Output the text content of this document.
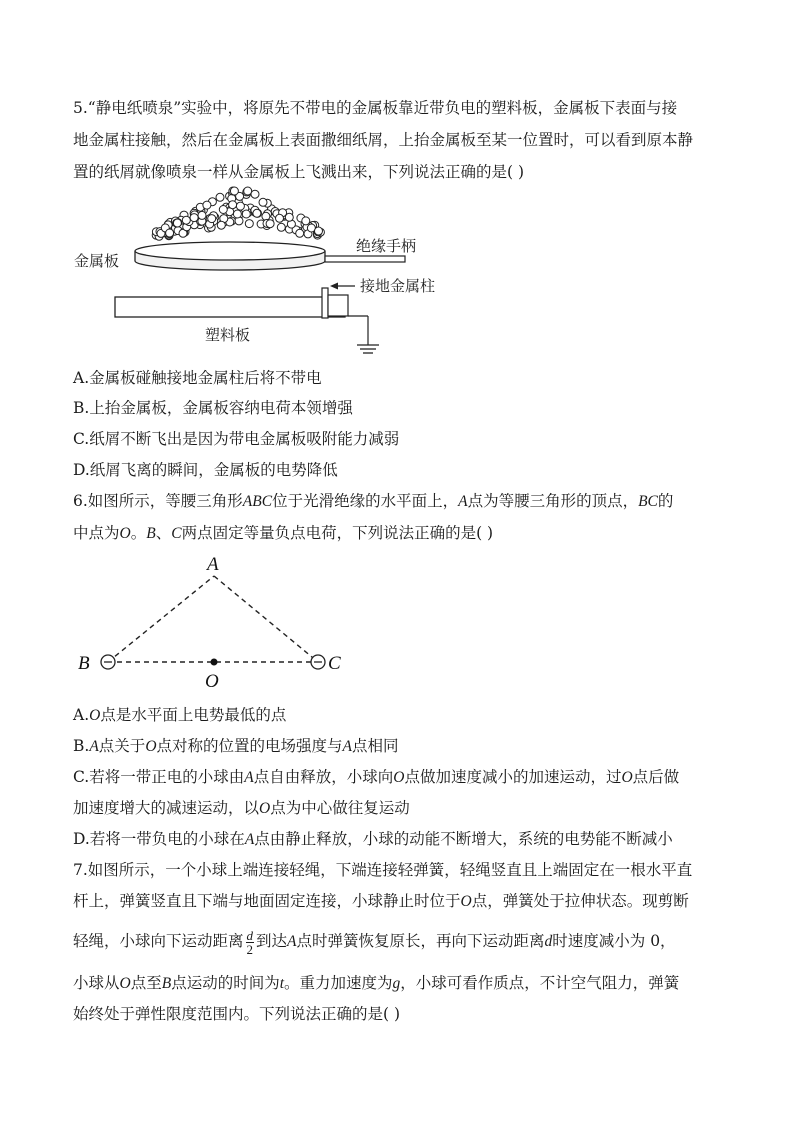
5.“静电纸喷泉”实验中，将原先不带电的金属板靠近带负电的塑料板，金属板下表面与接
地金属柱接触，然后在金属板上表面撒细纸屑，上抬金属板至某一位置时，可以看到原本静
置的纸屑就像喷泉一样从金属板上飞溅出来，下列说法正确的是( )
金属板
绝缘手柄
接地金属柱
塑料板
A.金属板碰触接地金属柱后将不带电
B.上抬金属板，金属板容纳电荷本领增强
C.纸屑不断飞出是因为带电金属板吸附能力减弱
D.纸屑飞离的瞬间，金属板的电势降低
6.如图所示，等腰三角形ABC位于光滑绝缘的水平面上，A点为等腰三角形的顶点，BC的
中点为O。B、C两点固定等量负点电荷，下列说法正确的是( )
A
B	C
O
A.O点是水平面上电势最低的点
B.A点关于O点对称的位置的电场强度与A点相同
C.若将一带正电的小球由A点自由释放，小球向O点做加速度减小的加速运动，过O点后做
加速度增大的减速运动，以O点为中心做往复运动
D.若将一带负电的小球在A点由静止释放，小球的动能不断增大，系统的电势能不断减小
7.如图所示，一个小球上端连接轻绳，下端连接轻弹簧，轻绳竖直且上端固定在一根水平直
杆上，弹簧竖直且下端与地面固定连接，小球静止时位于O点，弹簧处于拉伸状态。现剪断
轻绳，小球向下运动距离 $\frac{d}{2}$ 到达A点时弹簧恢复原长，再向下运动距离d时速度减小为 0，
小球从O点至B点运动的时间为t。重力加速度为g，小球可看作质点，不计空气阻力，弹簧
始终处于弹性限度范围内。下列说法正确的是( )
